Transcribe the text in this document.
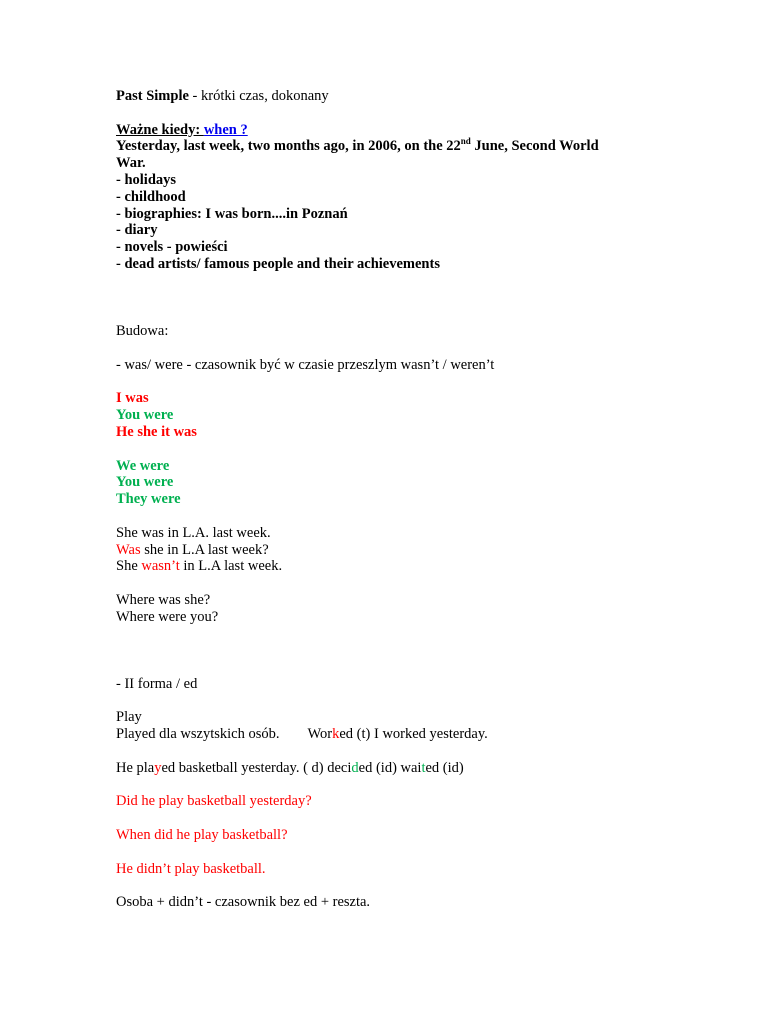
Past Simple - krótki czas, dokonany
Ważne kiedy: when ?
Yesterday, last week, two months ago, in 2006, on the 22nd June, Second World
War.
- holidays
- childhood
- biographies: I was born....in Poznań
- diary
- novels - powieści
- dead artists/ famous people and their achievements
Budowa:
- was/ were - czasownik być w czasie przeszlym wasn’t / weren’t
I was
You were
He she it was
We were
You were
They were
She was in L.A. last week.
Was she in L.A last week?
She wasn’t in L.A last week.
Where was she?
Where were you?
- II forma / ed
Play
Played dla wszytskich osób. Worked (t) I worked yesterday.
He played basketball yesterday. ( d) decided (id) waited (id)
Did he play basketball yesterday?
When did he play basketball?
He didn’t play basketball.
Osoba + didn’t - czasownik bez ed + reszta.
